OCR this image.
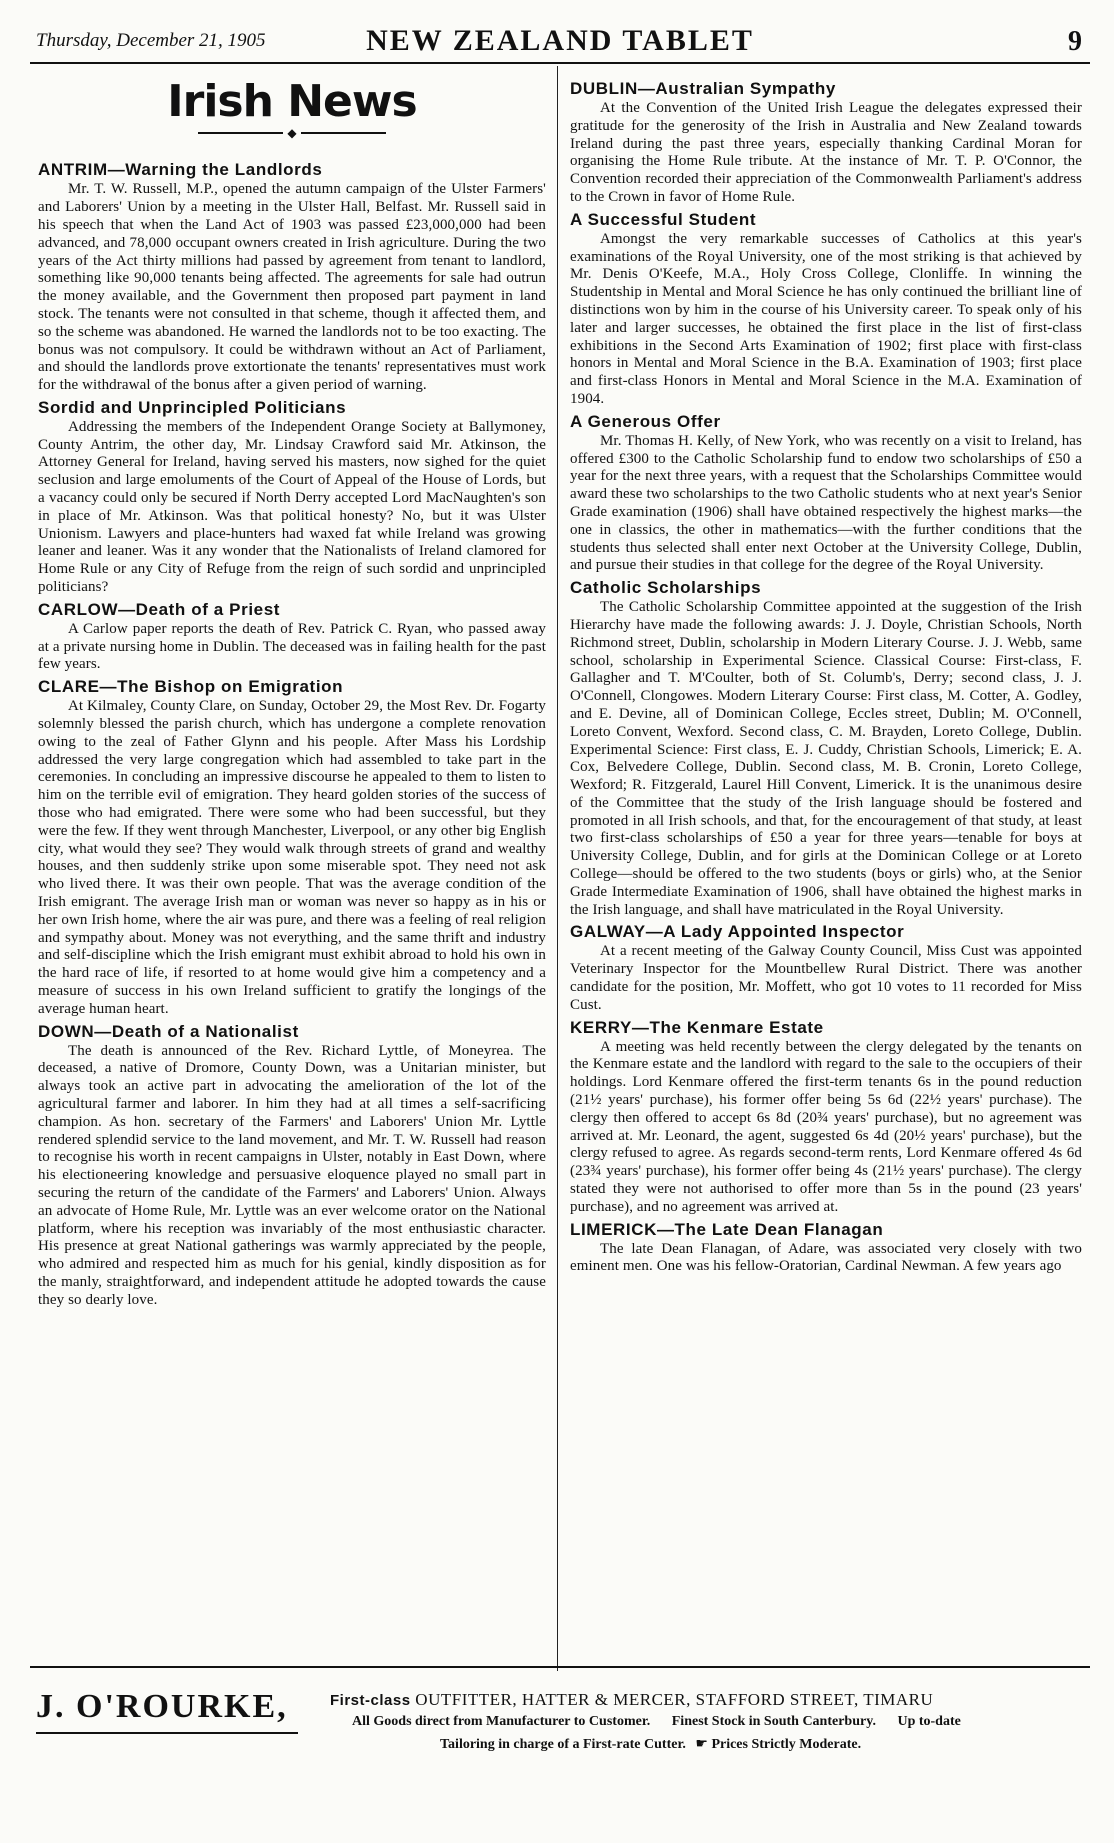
Thursday, December 21, 1905	NEW ZEALAND TABLET	9
Irish News
◆
ANTRIM—Warning the Landlords

Mr. T. W. Russell, M.P., opened the autumn campaign of the Ulster Farmers' and Laborers' Union by a meeting in the Ulster Hall, Belfast. Mr. Russell said in his speech that when the Land Act of 1903 was passed £23,000,000 had been advanced, and 78,000 occupant owners created in Irish agriculture. During the two years of the Act thirty millions had passed by agreement from tenant to landlord, something like 90,000 tenants being affected. The agreements for sale had outrun the money available, and the Government then proposed part payment in land stock. The tenants were not consulted in that scheme, though it affected them, and so the scheme was abandoned. He warned the landlords not to be too exacting. The bonus was not compulsory. It could be withdrawn without an Act of Parliament, and should the landlords prove extortionate the tenants' representatives must work for the withdrawal of the bonus after a given period of warning.

Sordid and Unprincipled Politicians

Addressing the members of the Independent Orange Society at Ballymoney, County Antrim, the other day, Mr. Lindsay Crawford said Mr. Atkinson, the Attorney General for Ireland, having served his masters, now sighed for the quiet seclusion and large emoluments of the Court of Appeal of the House of Lords, but a vacancy could only be secured if North Derry accepted Lord MacNaughten's son in place of Mr. Atkinson. Was that political honesty? No, but it was Ulster Unionism. Lawyers and place-hunters had waxed fat while Ireland was growing leaner and leaner. Was it any wonder that the Nationalists of Ireland clamored for Home Rule or any City of Refuge from the reign of such sordid and unprincipled politicians?

CARLOW—Death of a Priest

A Carlow paper reports the death of Rev. Patrick C. Ryan, who passed away at a private nursing home in Dublin. The deceased was in failing health for the past few years.

CLARE—The Bishop on Emigration

At Kilmaley, County Clare, on Sunday, October 29, the Most Rev. Dr. Fogarty solemnly blessed the parish church, which has undergone a complete renovation owing to the zeal of Father Glynn and his people. After Mass his Lordship addressed the very large congregation which had assembled to take part in the ceremonies. In concluding an impressive discourse he appealed to them to listen to him on the terrible evil of emigration. They heard golden stories of the success of those who had emigrated. There were some who had been successful, but they were the few. If they went through Manchester, Liverpool, or any other big English city, what would they see? They would walk through streets of grand and wealthy houses, and then suddenly strike upon some miserable spot. They need not ask who lived there. It was their own people. That was the average condition of the Irish emigrant. The average Irish man or woman was never so happy as in his or her own Irish home, where the air was pure, and there was a feeling of real religion and sympathy about. Money was not everything, and the same thrift and industry and self-discipline which the Irish emigrant must exhibit abroad to hold his own in the hard race of life, if resorted to at home would give him a competency and a measure of success in his own Ireland sufficient to gratify the longings of the average human heart.

DOWN—Death of a Nationalist

The death is announced of the Rev. Richard Lyttle, of Moneyrea. The deceased, a native of Dromore, County Down, was a Unitarian minister, but always took an active part in advocating the amelioration of the lot of the agricultural farmer and laborer. In him they had at all times a self-sacrificing champion. As hon. secretary of the Farmers' and Laborers' Union Mr. Lyttle rendered splendid service to the land movement, and Mr. T. W. Russell had reason to recognise his worth in recent campaigns in Ulster, notably in East Down, where his electioneering knowledge and persuasive eloquence played no small part in securing the return of the candidate of the Farmers' and Laborers' Union. Always an advocate of Home Rule, Mr. Lyttle was an ever welcome orator on the National platform, where his reception was invariably of the most enthusiastic character. His presence at great National gatherings was warmly appreciated by the people, who admired and respected him as much for his genial, kindly disposition as for the manly, straightforward, and independent attitude he adopted towards the cause they so dearly love.

DUBLIN—Australian Sympathy

At the Convention of the United Irish League the delegates expressed their gratitude for the generosity of the Irish in Australia and New Zealand towards Ireland during the past three years, especially thanking Cardinal Moran for organising the Home Rule tribute. At the instance of Mr. T. P. O'Connor, the Convention recorded their appreciation of the Commonwealth Parliament's address to the Crown in favor of Home Rule.

A Successful Student

Amongst the very remarkable successes of Catholics at this year's examinations of the Royal University, one of the most striking is that achieved by Mr. Denis O'Keefe, M.A., Holy Cross College, Clonliffe. In winning the Studentship in Mental and Moral Science he has only continued the brilliant line of distinctions won by him in the course of his University career. To speak only of his later and larger successes, he obtained the first place in the list of first-class exhibitions in the Second Arts Examination of 1902; first place with first-class honors in Mental and Moral Science in the B.A. Examination of 1903; first place and first-class Honors in Mental and Moral Science in the M.A. Examination of 1904.

A Generous Offer

Mr. Thomas H. Kelly, of New York, who was recently on a visit to Ireland, has offered £300 to the Catholic Scholarship fund to endow two scholarships of £50 a year for the next three years, with a request that the Scholarships Committee would award these two scholarships to the two Catholic students who at next year's Senior Grade examination (1906) shall have obtained respectively the highest marks—the one in classics, the other in mathematics—with the further conditions that the students thus selected shall enter next October at the University College, Dublin, and pursue their studies in that college for the degree of the Royal University.

Catholic Scholarships

The Catholic Scholarship Committee appointed at the suggestion of the Irish Hierarchy have made the following awards: J. J. Doyle, Christian Schools, North Richmond street, Dublin, scholarship in Modern Literary Course. J. J. Webb, same school, scholarship in Experimental Science. Classical Course: First-class, F. Gallagher and T. M'Coulter, both of St. Columb's, Derry; second class, J. J. O'Connell, Clongowes. Modern Literary Course: First class, M. Cotter, A. Godley, and E. Devine, all of Dominican College, Eccles street, Dublin; M. O'Connell, Loreto Convent, Wexford. Second class, C. M. Brayden, Loreto College, Dublin. Experimental Science: First class, E. J. Cuddy, Christian Schools, Limerick; E. A. Cox, Belvedere College, Dublin. Second class, M. B. Cronin, Loreto College, Wexford; R. Fitzgerald, Laurel Hill Convent, Limerick. It is the unanimous desire of the Committee that the study of the Irish language should be fostered and promoted in all Irish schools, and that, for the encouragement of that study, at least two first-class scholarships of £50 a year for three years—tenable for boys at University College, Dublin, and for girls at the Dominican College or at Loreto College—should be offered to the two students (boys or girls) who, at the Senior Grade Intermediate Examination of 1906, shall have obtained the highest marks in the Irish language, and shall have matriculated in the Royal University.

GALWAY—A Lady Appointed Inspector

At a recent meeting of the Galway County Council, Miss Cust was appointed Veterinary Inspector for the Mountbellew Rural District. There was another candidate for the position, Mr. Moffett, who got 10 votes to 11 recorded for Miss Cust.

KERRY—The Kenmare Estate

A meeting was held recently between the clergy delegated by the tenants on the Kenmare estate and the landlord with regard to the sale to the occupiers of their holdings. Lord Kenmare offered the first-term tenants 6s in the pound reduction (21½ years' purchase), his former offer being 5s 6d (22½ years' purchase). The clergy then offered to accept 6s 8d (20¾ years' purchase), but no agreement was arrived at. Mr. Leonard, the agent, suggested 6s 4d (20½ years' purchase), but the clergy refused to agree. As regards second-term rents, Lord Kenmare offered 4s 6d (23¾ years' purchase), his former offer being 4s (21½ years' purchase). The clergy stated they were not authorised to offer more than 5s in the pound (23 years' purchase), and no agreement was arrived at.

LIMERICK—The Late Dean Flanagan

The late Dean Flanagan, of Adare, was associated very closely with two eminent men. One was his fellow-Oratorian, Cardinal Newman. A few years ago

J. O'ROURKE,	First-class OUTFITTER, HATTER & MERCER, STAFFORD STREET, TIMARU
All Goods direct from Manufacturer to Customer. Finest Stock in South Canterbury. Up to-date
Tailoring in charge of a First-rate Cutter. ☛ Prices Strictly Moderate.
